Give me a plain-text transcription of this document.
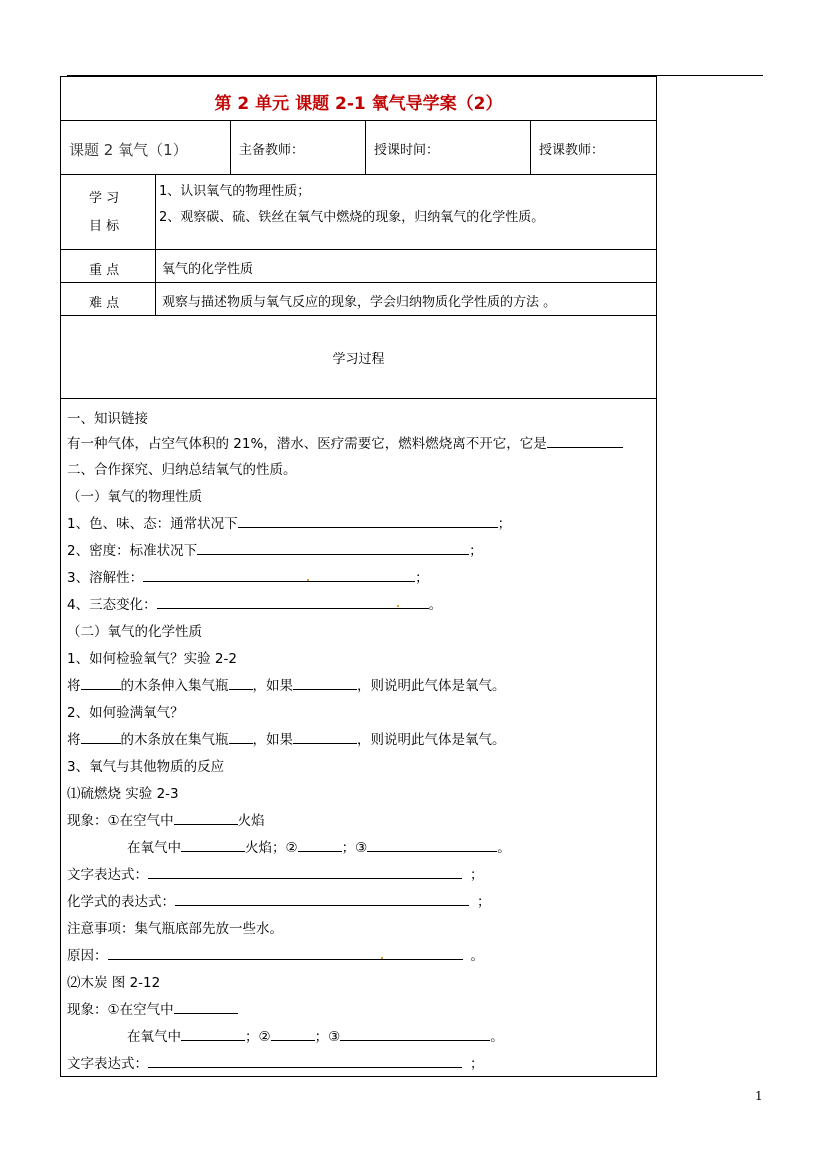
第 2 单元 课题 2-1 氧气导学案（2）
课题 2 氧气（1）	主备教师：	授课时间：	授课教师：
学 习
目 标
1、认识氧气的物理性质；
2、观察碳、硫、铁丝在氧气中燃烧的现象，归纳氧气的化学性质。
重 点	氧气的化学性质
难 点	观察与描述物质与氧气反应的现象，学会归纳物质化学性质的方法 。
学习过程
一、知识链接
有一种气体，占空气体积的 21%，潜水、医疗需要它，燃料燃烧离不开它，它是
二、合作探究、归纳总结氧气的性质。
（一）氧气的物理性质
1、色、味、态：通常状况下	；
2、密度：标准状况下	；
3、溶解性：	；
4、三态变化：	。
（二）氧气的化学性质
1、如何检验氧气？实验 2-2
将	的木条伸入集气瓶 ，如果	，则说明此气体是氧气。
2、如何验满氧气？
将	的木条放在集气瓶 ，如果	，则说明此气体是氧气。
3、氧气与其他物质的反应
⑴硫燃烧 实验 2-3
现象：①在空气中	火焰
在氧气中	火焰；②	；③	。
文字表达式：	；
化学式的表达式：	；
注意事项：集气瓶底部先放一些水。
原因：	。
⑵木炭 图 2-12
现象：①在空气中
在氧气中	；②	；③	。
文字表达式：	；
1
